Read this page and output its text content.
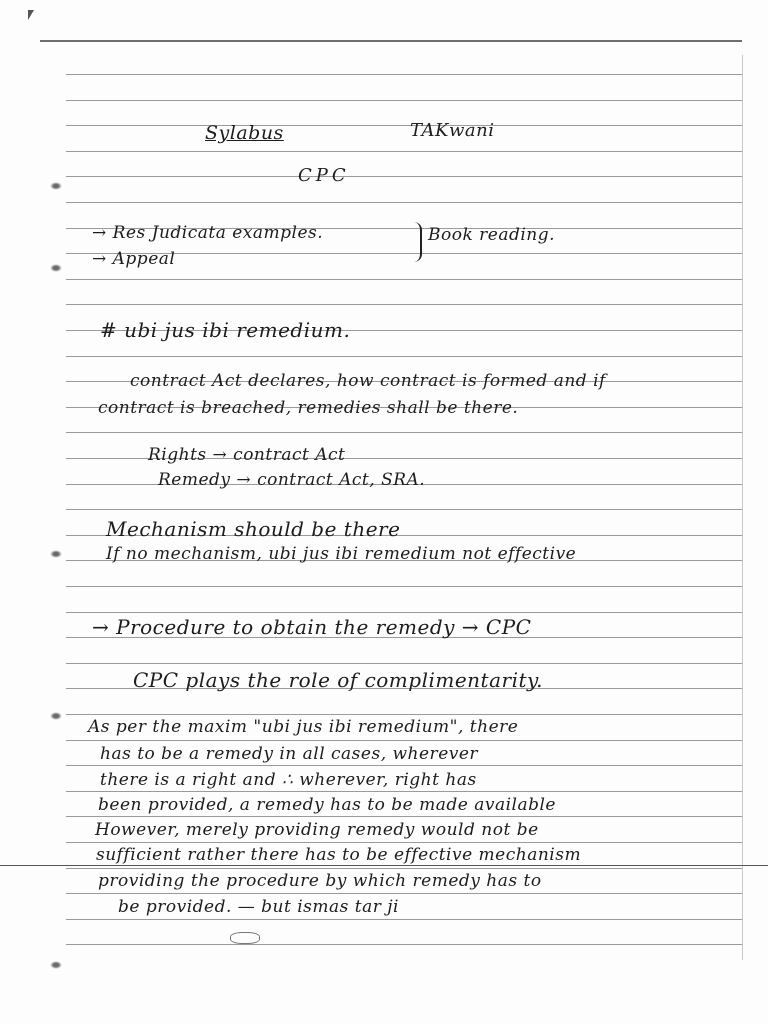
Sylabus	TAKwani
CPC
→ Res Judicata examples.
→ Appeal
Book reading.
# ubi jus ibi remedium.
contract Act declares, how contract is formed and if
contract is breached, remedies shall be there.
Rights → contract Act
Remedy → contract Act, SRA.
Mechanism should be there
If no mechanism, ubi jus ibi remedium not effective
→ Procedure to obtain the remedy → CPC
CPC plays the role of complimentarity.
As per the maxim "ubi jus ibi remedium", there
has to be a remedy in all cases, wherever
there is a right and ∴ wherever, right has
been provided, a remedy has to be made available
However, merely providing remedy would not be
sufficient rather there has to be effective mechanism
providing the procedure by which remedy has to
be provided. — but ismas tar ji
